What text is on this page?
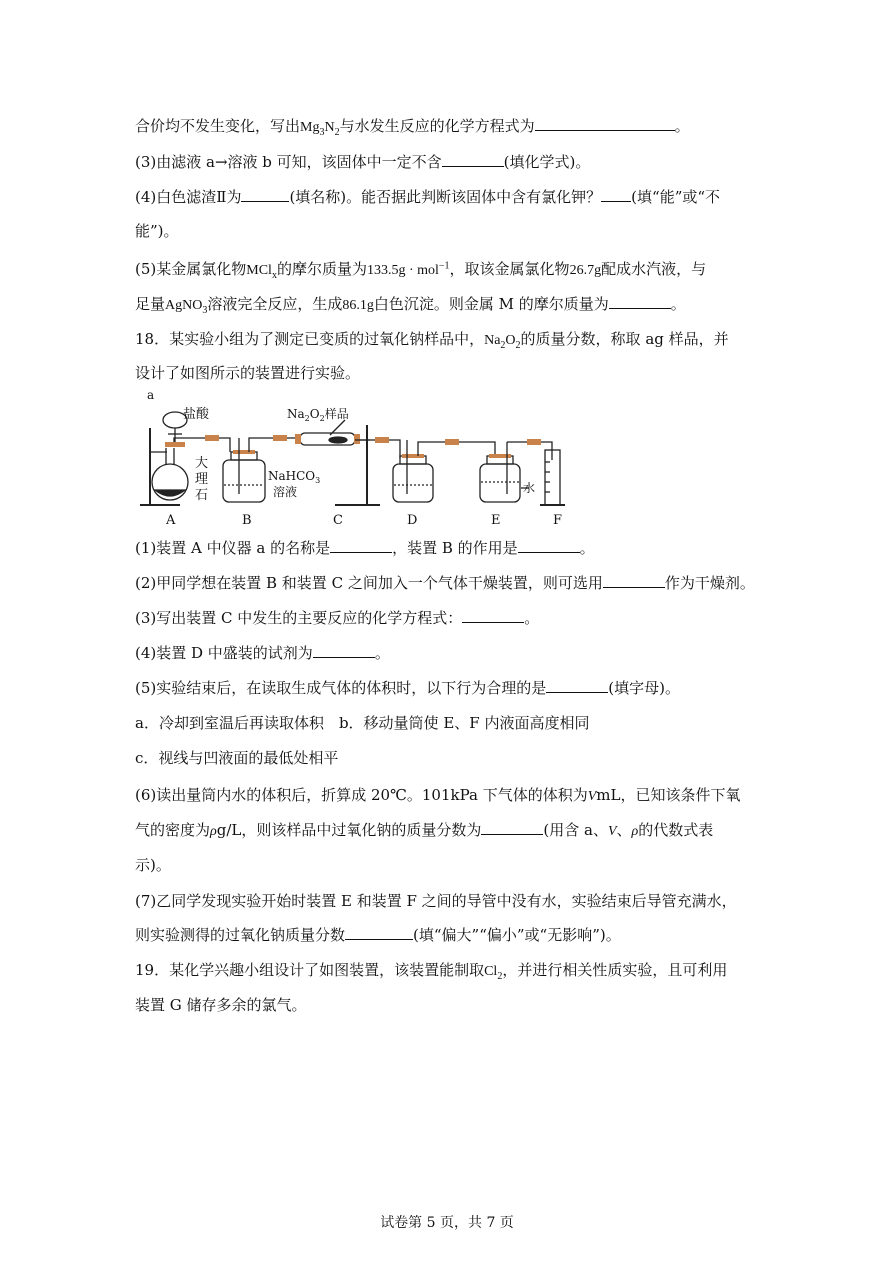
合价均不发生变化，写出$Mg_3N_2$与水发生反应的化学方程式为	。
(3)由滤液 a→溶液 b 可知，该固体中一定不含	(填化学式)。
(4)白色滤渣Ⅱ为	(填名称)。能否据此判断该固体中含有氯化钾？ (填“能”或“不
能”)。
(5)某金属氯化物MCl$_x$的摩尔质量为133.5g · mol$^{-1}$，取该金属氯化物26.7g配成水汽液，与
足量AgNO$_3$溶液完全反应，生成86.1g白色沉淀。则金属 M 的摩尔质量为	。
18．某实验小组为了测定已变质的过氧化钠样品中，$Na_2O_2$的质量分数，称取 ag 样品，并
设计了如图所示的装置进行实验。
a
盐酸
大
理
石
$Na_2O_2$样品
NaHCO$_3$
溶液	水
A	B	C	D	E	F
(1)装置 A 中仪器 a 的名称是	，装置 B 的作用是	。
(2)甲同学想在装置 B 和装置 C 之间加入一个气体干燥装置，则可选用	作为干燥剂。
(3)写出装置 C 中发生的主要反应的化学方程式：	。
(4)装置 D 中盛装的试剂为	。
(5)实验结束后，在读取生成气体的体积时，以下行为合理的是	(填字母)。
a．冷却到室温后再读取体积　b．移动量筒使 E、F 内液面高度相同
c．视线与凹液面的最低处相平
(6)读出量筒内水的体积后，折算成 20℃。101kPa 下气体的体积为VmL，已知该条件下氧
气的密度为ρg/L，则该样品中过氧化钠的质量分数为	(用含 a、V、ρ的代数式表
示)。
(7)乙同学发现实验开始时装置 E 和装置 F 之间的导管中没有水，实验结束后导管充满水，
则实验测得的过氧化钠质量分数	(填“偏大”“偏小”或“无影响”)。
19．某化学兴趣小组设计了如图装置，该装置能制取$Cl_2$，并进行相关性质实验，且可利用
装置 G 储存多余的氯气。
试卷第 5 页，共 7 页
